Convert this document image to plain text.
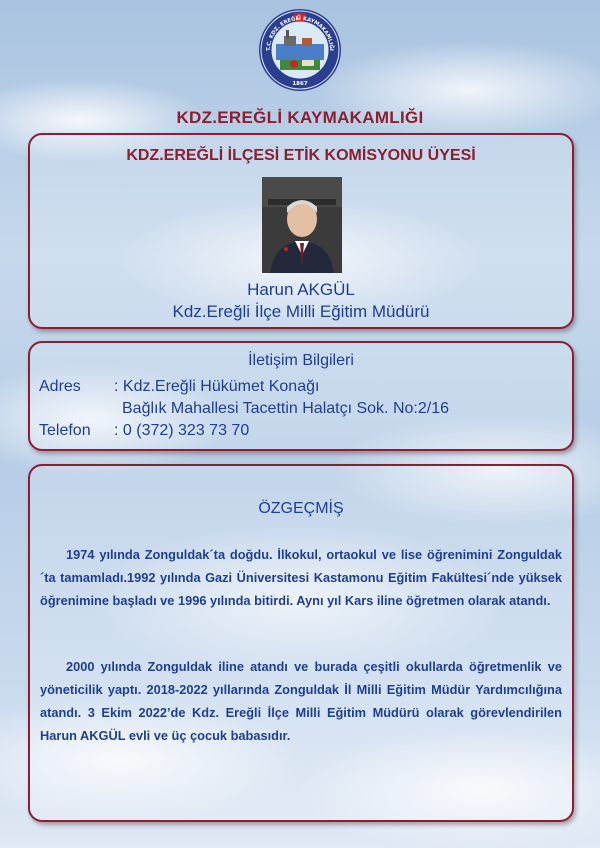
T.C. KDZ. EREĞLİ KAYMAKAMLIĞI
1867
KDZ.EREĞLİ KAYMAKAMLIĞI
KDZ.EREĞLİ İLÇESİ ETİK KOMİSYONU ÜYESİ
Harun AKGÜL
Kdz.Ereğli İlçe Milli Eğitim Müdürü
İletişim Bilgileri
Adres : Kdz.Ereğli Hükümet Konağı
Bağlık Mahallesi Tacettin Halatçı Sok. No:2/16
Telefon : 0 (372) 323 73 70
ÖZGEÇMİŞ
1974 yılında Zonguldak´ta doğdu. İlkokul, ortaokul ve lise öğrenimini Zonguldak´ta tamamladı.1992 yılında Gazi Üniversitesi Kastamonu Eğitim Fakültesi´nde yüksek öğrenimine başladı ve 1996 yılında bitirdi. Aynı yıl Kars iline öğretmen olarak atandı.
2000 yılında Zonguldak iline atandı ve burada çeşitli okullarda öğretmenlik ve yöneticilik yaptı. 2018-2022 yıllarında Zonguldak İl Milli Eğitim Müdür Yardımcılığına atandı. 3 Ekim 2022’de Kdz. Ereğli İlçe Milli Eğitim Müdürü olarak görevlendirilen Harun AKGÜL evli ve üç çocuk babasıdır.
